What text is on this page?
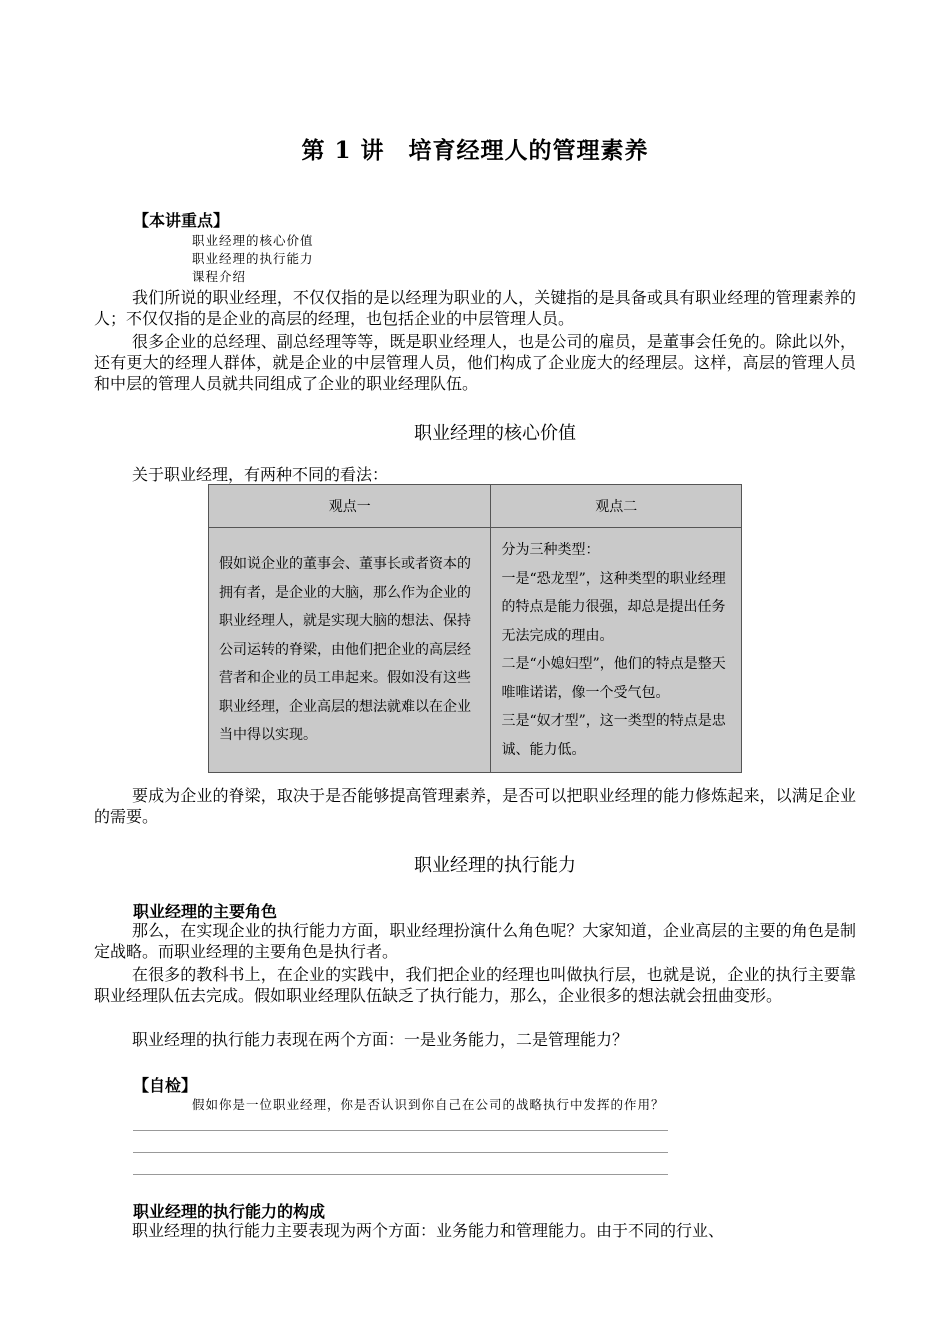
第 1 讲　培育经理人的管理素养
【本讲重点】
职业经理的核心价值
职业经理的执行能力
课程介绍

我们所说的职业经理，不仅仅指的是以经理为职业的人，关键指的是具备或具有职业经理的管理素养的人；不仅仅指的是企业的高层的经理，也包括企业的中层管理人员。

很多企业的总经理、副总经理等等，既是职业经理人，也是公司的雇员，是董事会任免的。除此以外，还有更大的经理人群体，就是企业的中层管理人员，他们构成了企业庞大的经理层。这样，高层的管理人员和中层的管理人员就共同组成了企业的职业经理队伍。

职业经理的核心价值

关于职业经理，有两种不同的看法：

观点一	观点二
假如说企业的董事会、董事长或者资本的拥有者，是企业的大脑，那么作为企业的职业经理人，就是实现大脑的想法、保持公司运转的脊梁，由他们把企业的高层经营者和企业的员工串起来。假如没有这些职业经理，企业高层的想法就难以在企业当中得以实现。	分为三种类型：
一是“恐龙型”，这种类型的职业经理的特点是能力很强，却总是提出任务无法完成的理由。
二是“小媳妇型”，他们的特点是整天唯唯诺诺，像一个受气包。
三是“奴才型”，这一类型的特点是忠诚、能力低。

要成为企业的脊梁，取决于是否能够提高管理素养，是否可以把职业经理的能力修炼起来，以满足企业的需要。

职业经理的执行能力
职业经理的主要角色

那么，在实现企业的执行能力方面，职业经理扮演什么角色呢？大家知道，企业高层的主要的角色是制定战略。而职业经理的主要角色是执行者。

在很多的教科书上，在企业的实践中，我们把企业的经理也叫做执行层，也就是说，企业的执行主要靠职业经理队伍去完成。假如职业经理队伍缺乏了执行能力，那么，企业很多的想法就会扭曲变形。

职业经理的执行能力表现在两个方面：一是业务能力，二是管理能力？

【自检】
假如你是一位职业经理，你是否认识到你自己在公司的战略执行中发挥的作用？
职业经理的执行能力的构成

职业经理的执行能力主要表现为两个方面：业务能力和管理能力。由于不同的行业、
